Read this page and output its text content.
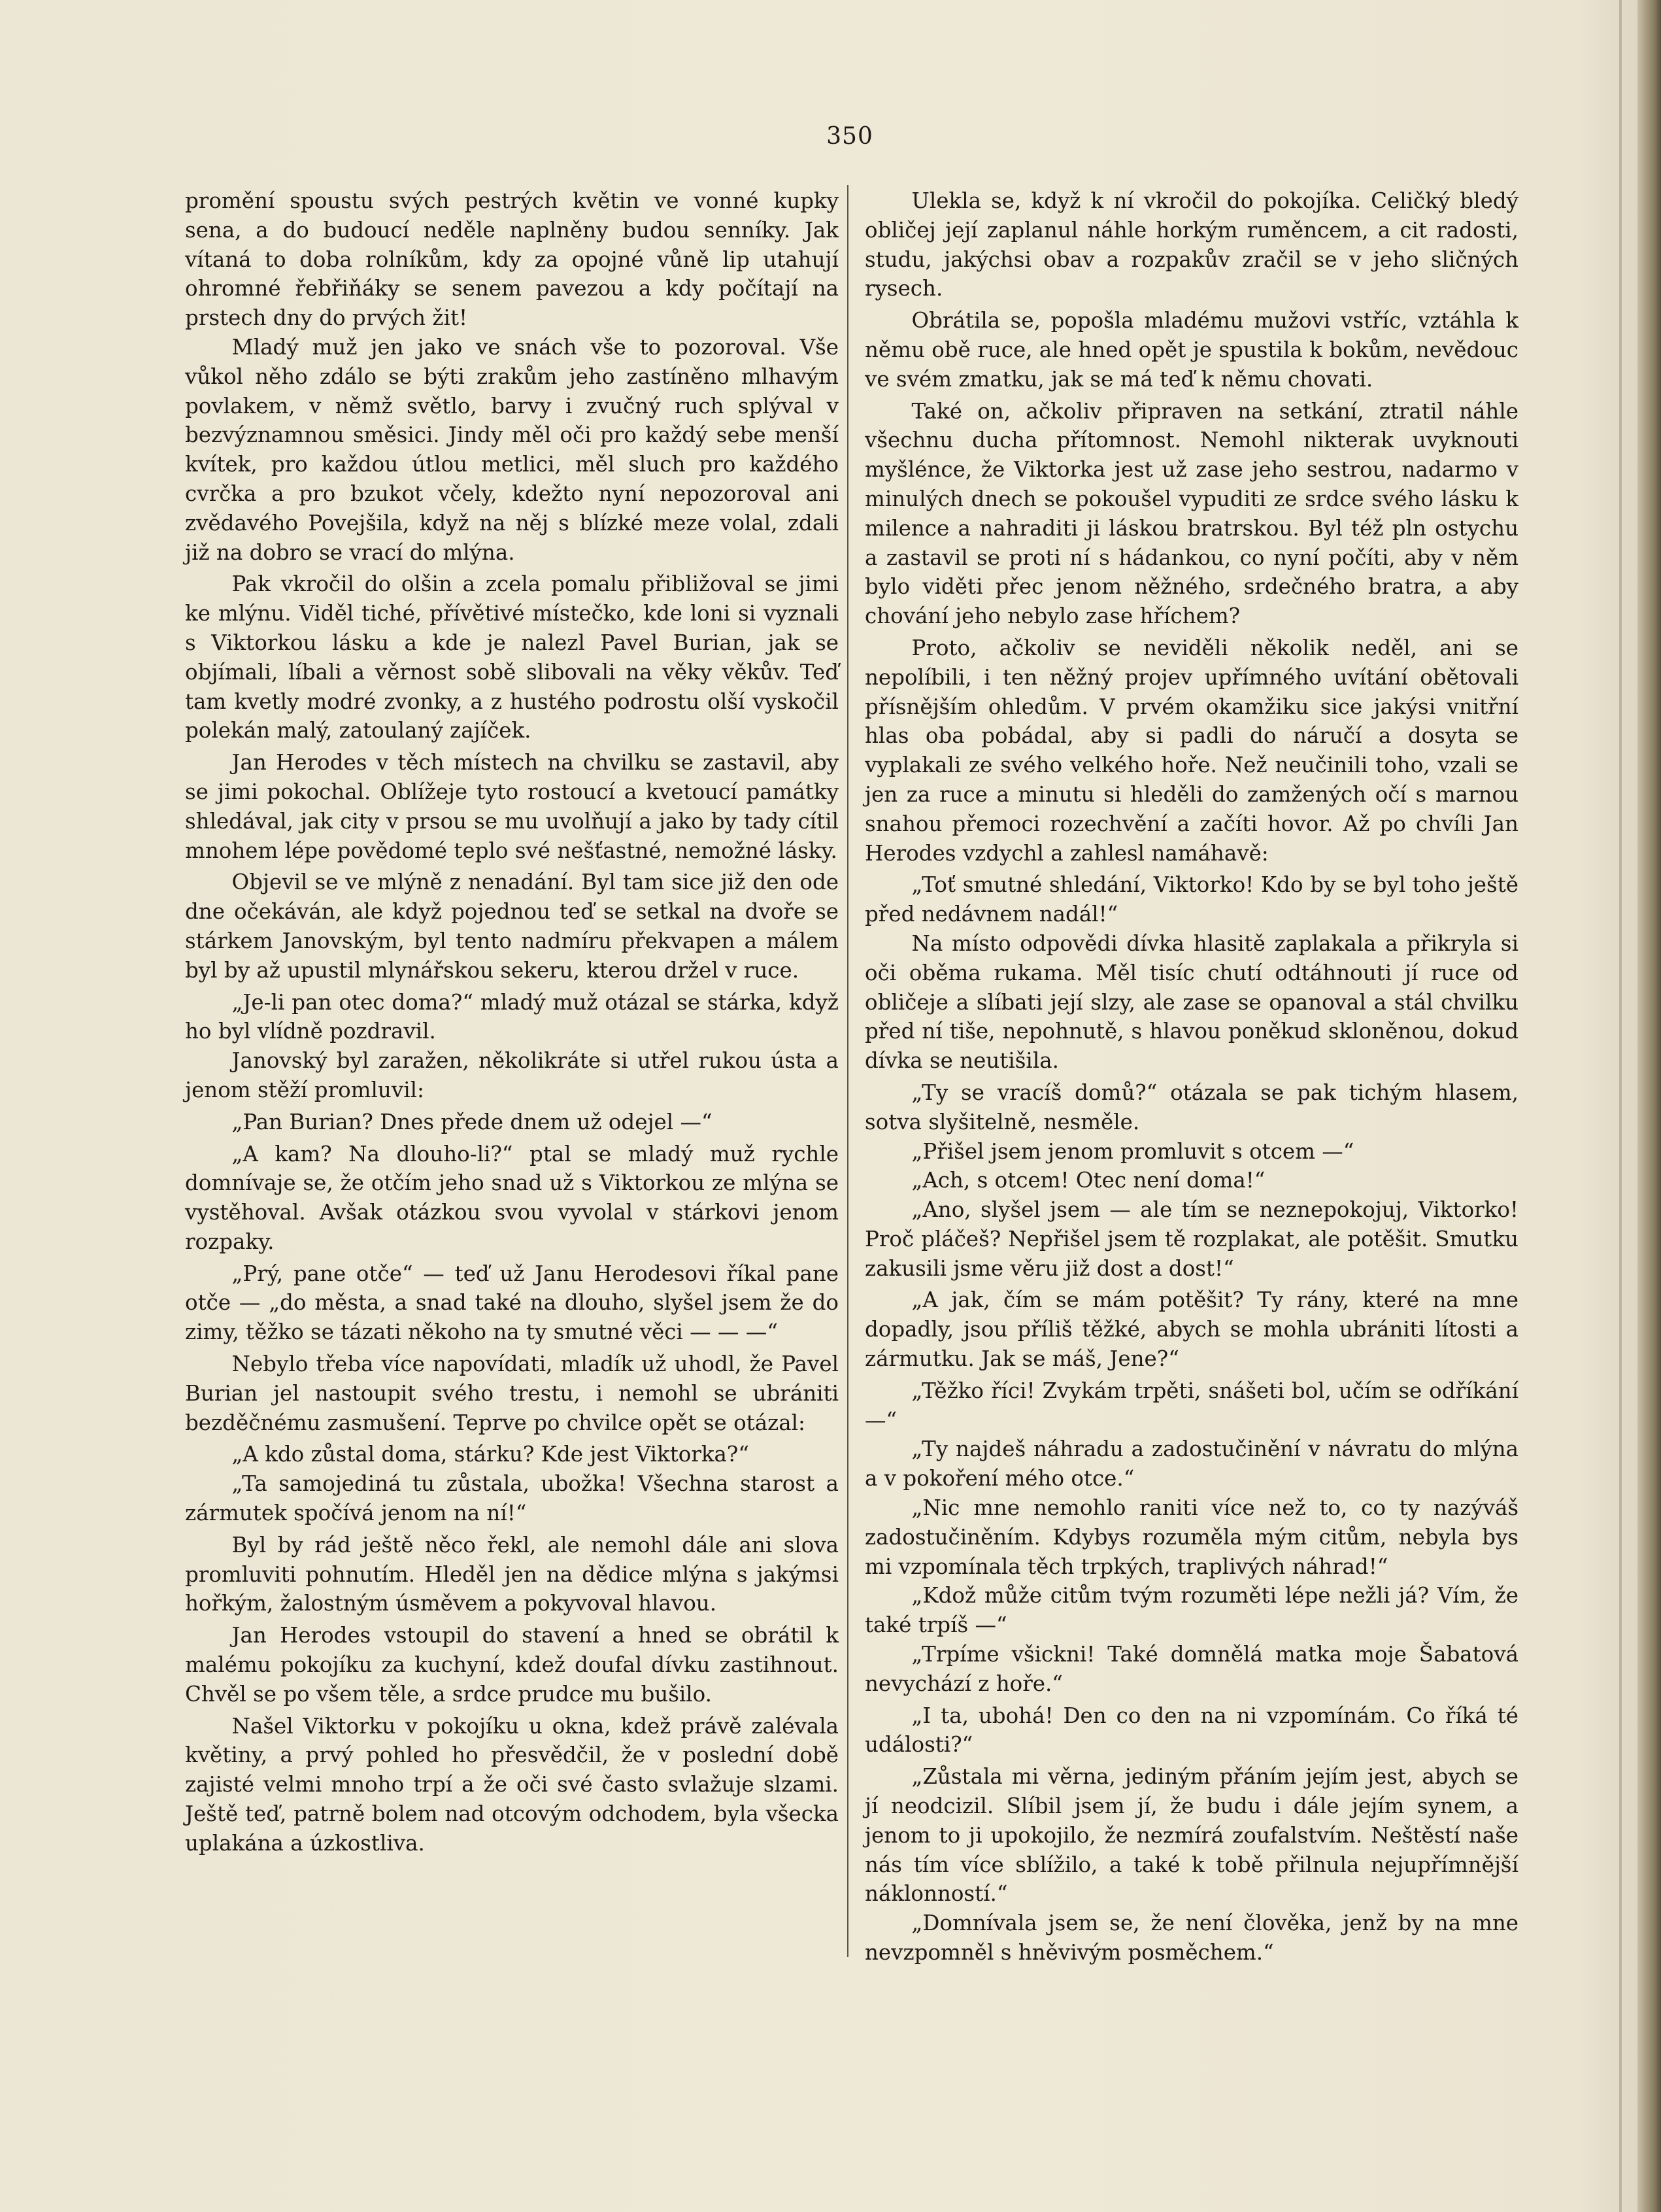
350

promění spoustu svých pestrých květin ve vonné kupky sena, a do budoucí neděle naplněny budou senníky. Jak vítaná to doba rolníkům, kdy za opojné vůně lip utahují ohromné řebřiňáky se senem pavezou a kdy počítají na prstech dny do prvých žit!

Mladý muž jen jako ve snách vše to pozoroval. Vše vůkol něho zdálo se býti zrakům jeho zastíněno mlhavým povlakem, v němž světlo, barvy i zvučný ruch splýval v bezvýznamnou směsici. Jindy měl oči pro každý sebe menší kvítek, pro každou útlou metlici, měl sluch pro každého cvrčka a pro bzukot včely, kdežto nyní nepozoroval ani zvědavého Povejšila, když na něj s blízké meze volal, zdali již na dobro se vrací do mlýna.

Pak vkročil do olšin a zcela pomalu přibližoval se jimi ke mlýnu. Viděl tiché, přívětivé místečko, kde loni si vyznali s Viktorkou lásku a kde je nalezl Pavel Burian, jak se objímali, líbali a věrnost sobě slibovali na věky věkův. Teď tam kvetly modré zvonky, a z hustého podrostu olší vyskočil polekán malý, zatoulaný zajíček.

Jan Herodes v těch místech na chvilku se zastavil, aby se jimi pokochal. Oblížeje tyto rostoucí a kvetoucí památky shledával, jak city v prsou se mu uvolňují a jako by tady cítil mnohem lépe povědomé teplo své nešťastné, nemožné lásky.

Objevil se ve mlýně z nenadání. Byl tam sice již den ode dne očekáván, ale když pojednou teď se setkal na dvoře se stárkem Janovským, byl tento nadmíru překvapen a málem byl by až upustil mlynářskou sekeru, kterou držel v ruce.

„Je-li pan otec doma?“ mladý muž otázal se stárka, když ho byl vlídně pozdravil.

Janovský byl zaražen, několikráte si utřel rukou ústa a jenom stěží promluvil:

„Pan Burian? Dnes přede dnem už odejel —“

„A kam? Na dlouho-li?“ ptal se mladý muž rychle domnívaje se, že otčím jeho snad už s Viktorkou ze mlýna se vystěhoval. Avšak otázkou svou vyvolal v stárkovi jenom rozpaky.

„Prý, pane otče“ — teď už Janu Herodesovi říkal pane otče — „do města, a snad také na dlouho, slyšel jsem že do zimy, těžko se tázati někoho na ty smutné věci — — —“

Nebylo třeba více napovídati, mladík už uhodl, že Pavel Burian jel nastoupit svého trestu, i nemohl se ubrániti bezděčnému zasmušení. Teprve po chvilce opět se otázal:

„A kdo zůstal doma, stárku? Kde jest Viktorka?“

„Ta samojediná tu zůstala, ubožka! Všechna starost a zármutek spočívá jenom na ní!“

Byl by rád ještě něco řekl, ale nemohl dále ani slova promluviti pohnutím. Hleděl jen na dědice mlýna s jakýmsi hořkým, žalostným úsměvem a pokyvoval hlavou.

Jan Herodes vstoupil do stavení a hned se obrátil k malému pokojíku za kuchyní, kdež doufal dívku zastihnout. Chvěl se po všem těle, a srdce prudce mu bušilo.

Našel Viktorku v pokojíku u okna, kdež právě zalévala květiny, a prvý pohled ho přesvědčil, že v poslední době zajisté velmi mnoho trpí a že oči své často svlažuje slzami. Ještě teď, patrně bolem nad otcovým odchodem, byla všecka uplakána a úzkostliva.

Ulekla se, když k ní vkročil do pokojíka. Celičký bledý obličej její zaplanul náhle horkým ruměncem, a cit radosti, studu, jakýchsi obav a rozpakův zračil se v jeho sličných rysech.

Obrátila se, popošla mladému mužovi vstříc, vztáhla k němu obě ruce, ale hned opět je spustila k bokům, nevědouc ve svém zmatku, jak se má teď k němu chovati.

Také on, ačkoliv připraven na setkání, ztratil náhle všechnu ducha přítomnost. Nemohl nikterak uvyknouti myšlénce, že Viktorka jest už zase jeho sestrou, nadarmo v minulých dnech se pokoušel vypuditi ze srdce svého lásku k milence a nahraditi ji láskou bratrskou. Byl též pln ostychu a zastavil se proti ní s hádankou, co nyní počíti, aby v něm bylo viděti přec jenom něžného, srdečného bratra, a aby chování jeho nebylo zase hříchem?

Proto, ačkoliv se neviděli několik neděl, ani se nepolíbili, i ten něžný projev upřímného uvítání obětovali přísnějším ohledům. V prvém okamžiku sice jakýsi vnitřní hlas oba pobádal, aby si padli do náručí a dosyta se vyplakali ze svého velkého hoře. Než neučinili toho, vzali se jen za ruce a minutu si hleděli do zamžených očí s marnou snahou přemoci rozechvění a začíti hovor. Až po chvíli Jan Herodes vzdychl a zahlesl namáhavě:

„Toť smutné shledání, Viktorko! Kdo by se byl toho ještě před nedávnem nadál!“

Na místo odpovědi dívka hlasitě zaplakala a přikryla si oči oběma rukama. Měl tisíc chutí odtáhnouti jí ruce od obličeje a slíbati její slzy, ale zase se opanoval a stál chvilku před ní tiše, nepohnutě, s hlavou poněkud skloněnou, dokud dívka se neutišila.

„Ty se vracíš domů?“ otázala se pak tichým hlasem, sotva slyšitelně, nesměle.

„Přišel jsem jenom promluvit s otcem —“

„Ach, s otcem! Otec není doma!“

„Ano, slyšel jsem — ale tím se neznepokojuj, Viktorko! Proč pláčeš? Nepřišel jsem tě rozplakat, ale potěšit. Smutku zakusili jsme věru již dost a dost!“

„A jak, čím se mám potěšit? Ty rány, které na mne dopadly, jsou příliš těžké, abych se mohla ubrániti lítosti a zármutku. Jak se máš, Jene?“

„Těžko říci! Zvykám trpěti, snášeti bol, učím se odříkání —“

„Ty najdeš náhradu a zadostučinění v návratu do mlýna a v pokoření mého otce.“

„Nic mne nemohlo raniti více než to, co ty nazýváš zadostučiněním. Kdybys rozuměla mým citům, nebyla bys mi vzpomínala těch trpkých, traplivých náhrad!“

„Kdož může citům tvým rozuměti lépe nežli já? Vím, že také trpíš —“

„Trpíme všickni! Také domnělá matka moje Šabatová nevychází z hoře.“

„I ta, ubohá! Den co den na ni vzpomínám. Co říká té události?“

„Zůstala mi věrna, jediným přáním jejím jest, abych se jí neodcizil. Slíbil jsem jí, že budu i dále jejím synem, a jenom to ji upokojilo, že nezmírá zoufalstvím. Neštěstí naše nás tím více sblížilo, a také k tobě přilnula nejupřímnější náklonností.“

„Domnívala jsem se, že není člověka, jenž by na mne nevzpomněl s hněvivým posměchem.“
